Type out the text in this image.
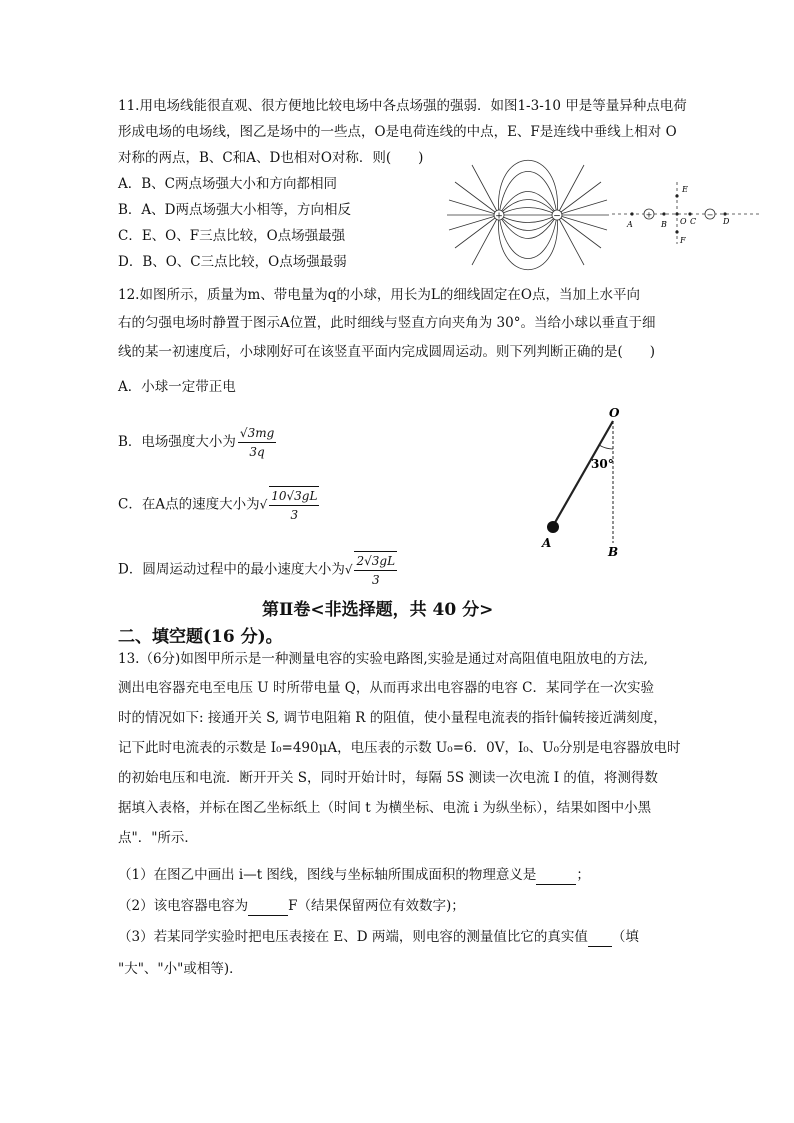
11.用电场线能很直观、很方便地比较电场中各点场强的强弱．如图1-3-10 甲是等量异种点电荷
形成电场的电场线，图乙是场中的一些点，O是电荷连线的中点，E、F是连线中垂线上相对 O
对称的两点，B、C和A、D也相对O对称．则(　　)
A．B、C两点场强大小和方向都相同
B．A、D两点场强大小相等，方向相反
C．E、O、F三点比较，O点场强最强
D．B、O、C三点比较，O点场强最弱
+	−	+	−
A	B O C	D
E
F
12.如图所示，质量为m、带电量为q的小球，用长为L的细线固定在O点，当加上水平向
右的匀强电场时静置于图示A位置，此时细线与竖直方向夹角为 30°。当给小球以垂直于细
线的某一初速度后，小球刚好可在该竖直平面内完成圆周运动。则下列判断正确的是(　　)
A．小球一定带正电
B．电场强度大小为 $\frac{√3mg}{3q}$
C．在A点的速度大小为√ $\frac{10√3gL}{3}$
D．圆周运动过程中的最小速度大小为√ $\frac{2√3gL}{3}$
O
30°
A
B
第Ⅱ卷<非选择题，共 40 分>
二、填空题(16 分)。
13.（6分)如图甲所示是一种测量电容的实验电路图,实验是通过对高阻值电阻放电的方法,
测出电容器充电至电压 U 时所带电量 Q，从而再求出电容器的电容 C．某同学在一次实验
时的情况如下: 接通开关 S, 调节电阻箱 R 的阻值，使小量程电流表的指针偏转接近满刻度，
记下此时电流表的示数是 I₀=490μA，电压表的示数 U₀=6．0V，I₀、U₀分别是电容器放电时
的初始电压和电流．断开开关 S，同时开始计时，每隔 5S 测读一次电流 I 的值，将测得数
据填入表格，并标在图乙坐标纸上（时间 t 为横坐标、电流 i 为纵坐标），结果如图中小黑
点"．"所示．
（1）在图乙中画出 i—t 图线，图线与坐标轴所围成面积的物理意义是	；
（2）该电容器电容为	F（结果保留两位有效数字)；
（3）若某同学实验时把电压表接在 E、D 两端，则电容的测量值比它的真实值 （填
"大"、"小"或相等)．
